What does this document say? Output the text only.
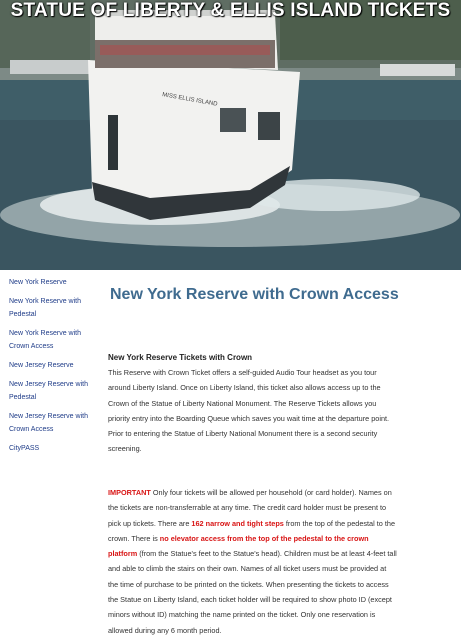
MISS ELLIS ISLAND
STATUE OF LIBERTY & ELLIS ISLAND TICKETS
New York Reserve
New York Reserve with Pedestal
New York Reserve with Crown Access
New Jersey Reserve
New Jersey Reserve with Pedestal
New Jersey Reserve with Crown Access
CityPASS
New York Reserve with Crown Access
New York Reserve Tickets with Crown

This Reserve with Crown Ticket offers a self-guided Audio Tour headset as you tour around Liberty Island. Once on Liberty Island, this ticket also allows access up to the Crown of the Statue of Liberty National Monument. The Reserve Tickets allows you priority entry into the Boarding Queue which saves you wait time at the departure point. Prior to entering the Statue of Liberty National Monument there is a second security screening.

IMPORTANT Only four tickets will be allowed per household (or card holder). Names on the tickets are non-transferrable at any time. The credit card holder must be present to pick up tickets. There are 162 narrow and tight steps from the top of the pedestal to the crown. There is no elevator access from the top of the pedestal to the crown platform (from the Statue's feet to the Statue's head). Children must be at least 4-feet tall and able to climb the stairs on their own. Names of all ticket users must be provided at the time of purchase to be printed on the tickets. When presenting the tickets to access the Statue on Liberty Island, each ticket holder will be required to show photo ID (except minors without ID) matching the name printed on the ticket. Only one reservation is allowed during any 6 month period.
